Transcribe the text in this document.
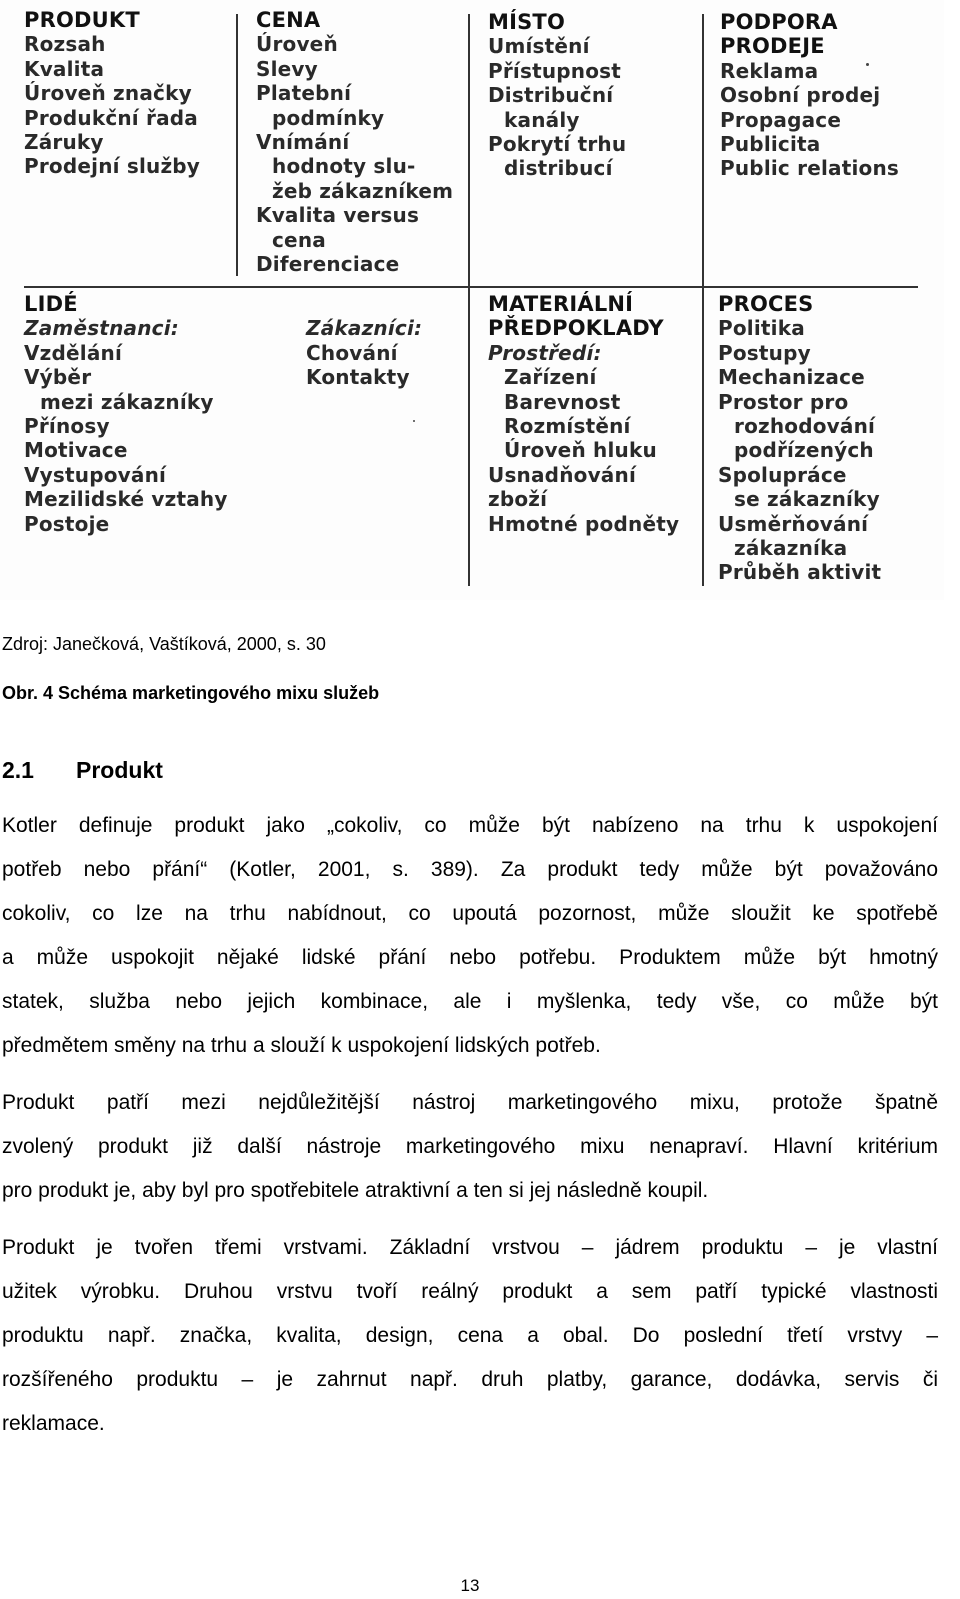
PRODUKT
Rozsah
Kvalita
Úroveň značky
Produkční řada
Záruky
Prodejní služby
CENA
Úroveň
Slevy
Platební
podmínky
Vnímání
hodnoty slu-
žeb zákazníkem
Kvalita versus
cena
Diferenciace
MÍSTO
Umístění
Přístupnost
Distribuční
kanály
Pokrytí trhu
distribucí
PODPORA
PRODEJE
Reklama
Osobní prodej
Propagace
Publicita
Public relations
LIDÉ
Zaměstnanci:
Vzdělání
Výběr
mezi zákazníky
Přínosy
Motivace
Vystupování
Mezilidské vztahy
Postoje
Zákazníci:
Chování
Kontakty
MATERIÁLNÍ
PŘEDPOKLADY
Prostředí:
Zařízení
Barevnost
Rozmístění
Úroveň hluku
Usnadňování
zboží
Hmotné podněty
PROCES
Politika
Postupy
Mechanizace
Prostor pro
rozhodování
podřízených
Spolupráce
se zákazníky
Usměrňování
zákazníka
Průběh aktivit
Zdroj: Janečková, Vaštíková, 2000, s. 30
Obr. 4 Schéma marketingového mixu služeb
2.1 Produkt
Kotler definuje produkt jako „cokoliv, co může být nabízeno na trhu k uspokojení
potřeb nebo přání“ (Kotler, 2001, s. 389). Za produkt tedy může být považováno
cokoliv, co lze na trhu nabídnout, co upoutá pozornost, může sloužit ke spotřebě
a může uspokojit nějaké lidské přání nebo potřebu. Produktem může být hmotný
statek, služba nebo jejich kombinace, ale i myšlenka, tedy vše, co může být
předmětem směny na trhu a slouží k uspokojení lidských potřeb.
Produkt patří mezi nejdůležitější nástroj marketingového mixu, protože špatně
zvolený produkt již další nástroje marketingového mixu nenapraví. Hlavní kritérium
pro produkt je, aby byl pro spotřebitele atraktivní a ten si jej následně koupil.
Produkt je tvořen třemi vrstvami. Základní vrstvou – jádrem produktu – je vlastní
užitek výrobku. Druhou vrstvu tvoří reálný produkt a sem patří typické vlastnosti
produktu např. značka, kvalita, design, cena a obal. Do poslední třetí vrstvy –
rozšířeného produktu – je zahrnut např. druh platby, garance, dodávka, servis či
reklamace.
13
